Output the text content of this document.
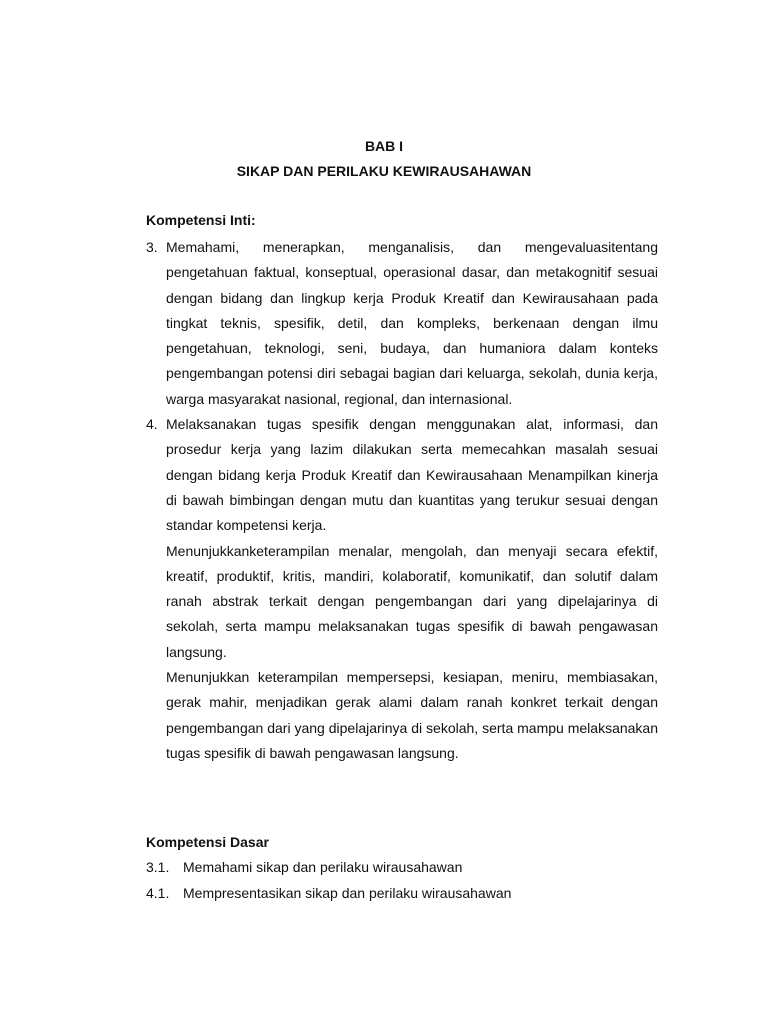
BAB I
SIKAP DAN PERILAKU KEWIRAUSAHAWAN
Kompetensi Inti:
3. Memahami, menerapkan, menganalisis, dan mengevaluasitentang pengetahuan faktual, konseptual, operasional dasar, dan metakognitif sesuai dengan bidang dan lingkup kerja Produk Kreatif dan Kewirausahaan pada tingkat teknis, spesifik, detil, dan kompleks, berkenaan dengan ilmu pengetahuan, teknologi, seni, budaya, dan humaniora dalam konteks pengembangan potensi diri sebagai bagian dari keluarga, sekolah, dunia kerja, warga masyarakat nasional, regional, dan internasional.
4. Melaksanakan tugas spesifik dengan menggunakan alat, informasi, dan prosedur kerja yang lazim dilakukan serta memecahkan masalah sesuai dengan bidang kerja Produk Kreatif dan Kewirausahaan Menampilkan kinerja di bawah bimbingan dengan mutu dan kuantitas yang terukur sesuai dengan standar kompetensi kerja.
Menunjukkanketerampilan menalar, mengolah, dan menyaji secara efektif, kreatif, produktif, kritis, mandiri, kolaboratif, komunikatif, dan solutif dalam ranah abstrak terkait dengan pengembangan dari yang dipelajarinya di sekolah, serta mampu melaksanakan tugas spesifik di bawah pengawasan langsung.
Menunjukkan keterampilan mempersepsi, kesiapan, meniru, membiasakan, gerak mahir, menjadikan gerak alami dalam ranah konkret terkait dengan pengembangan dari yang dipelajarinya di sekolah, serta mampu melaksanakan tugas spesifik di bawah pengawasan langsung.
Kompetensi Dasar
3.1. Memahami sikap dan perilaku wirausahawan
4.1. Mempresentasikan sikap dan perilaku wirausahawan
